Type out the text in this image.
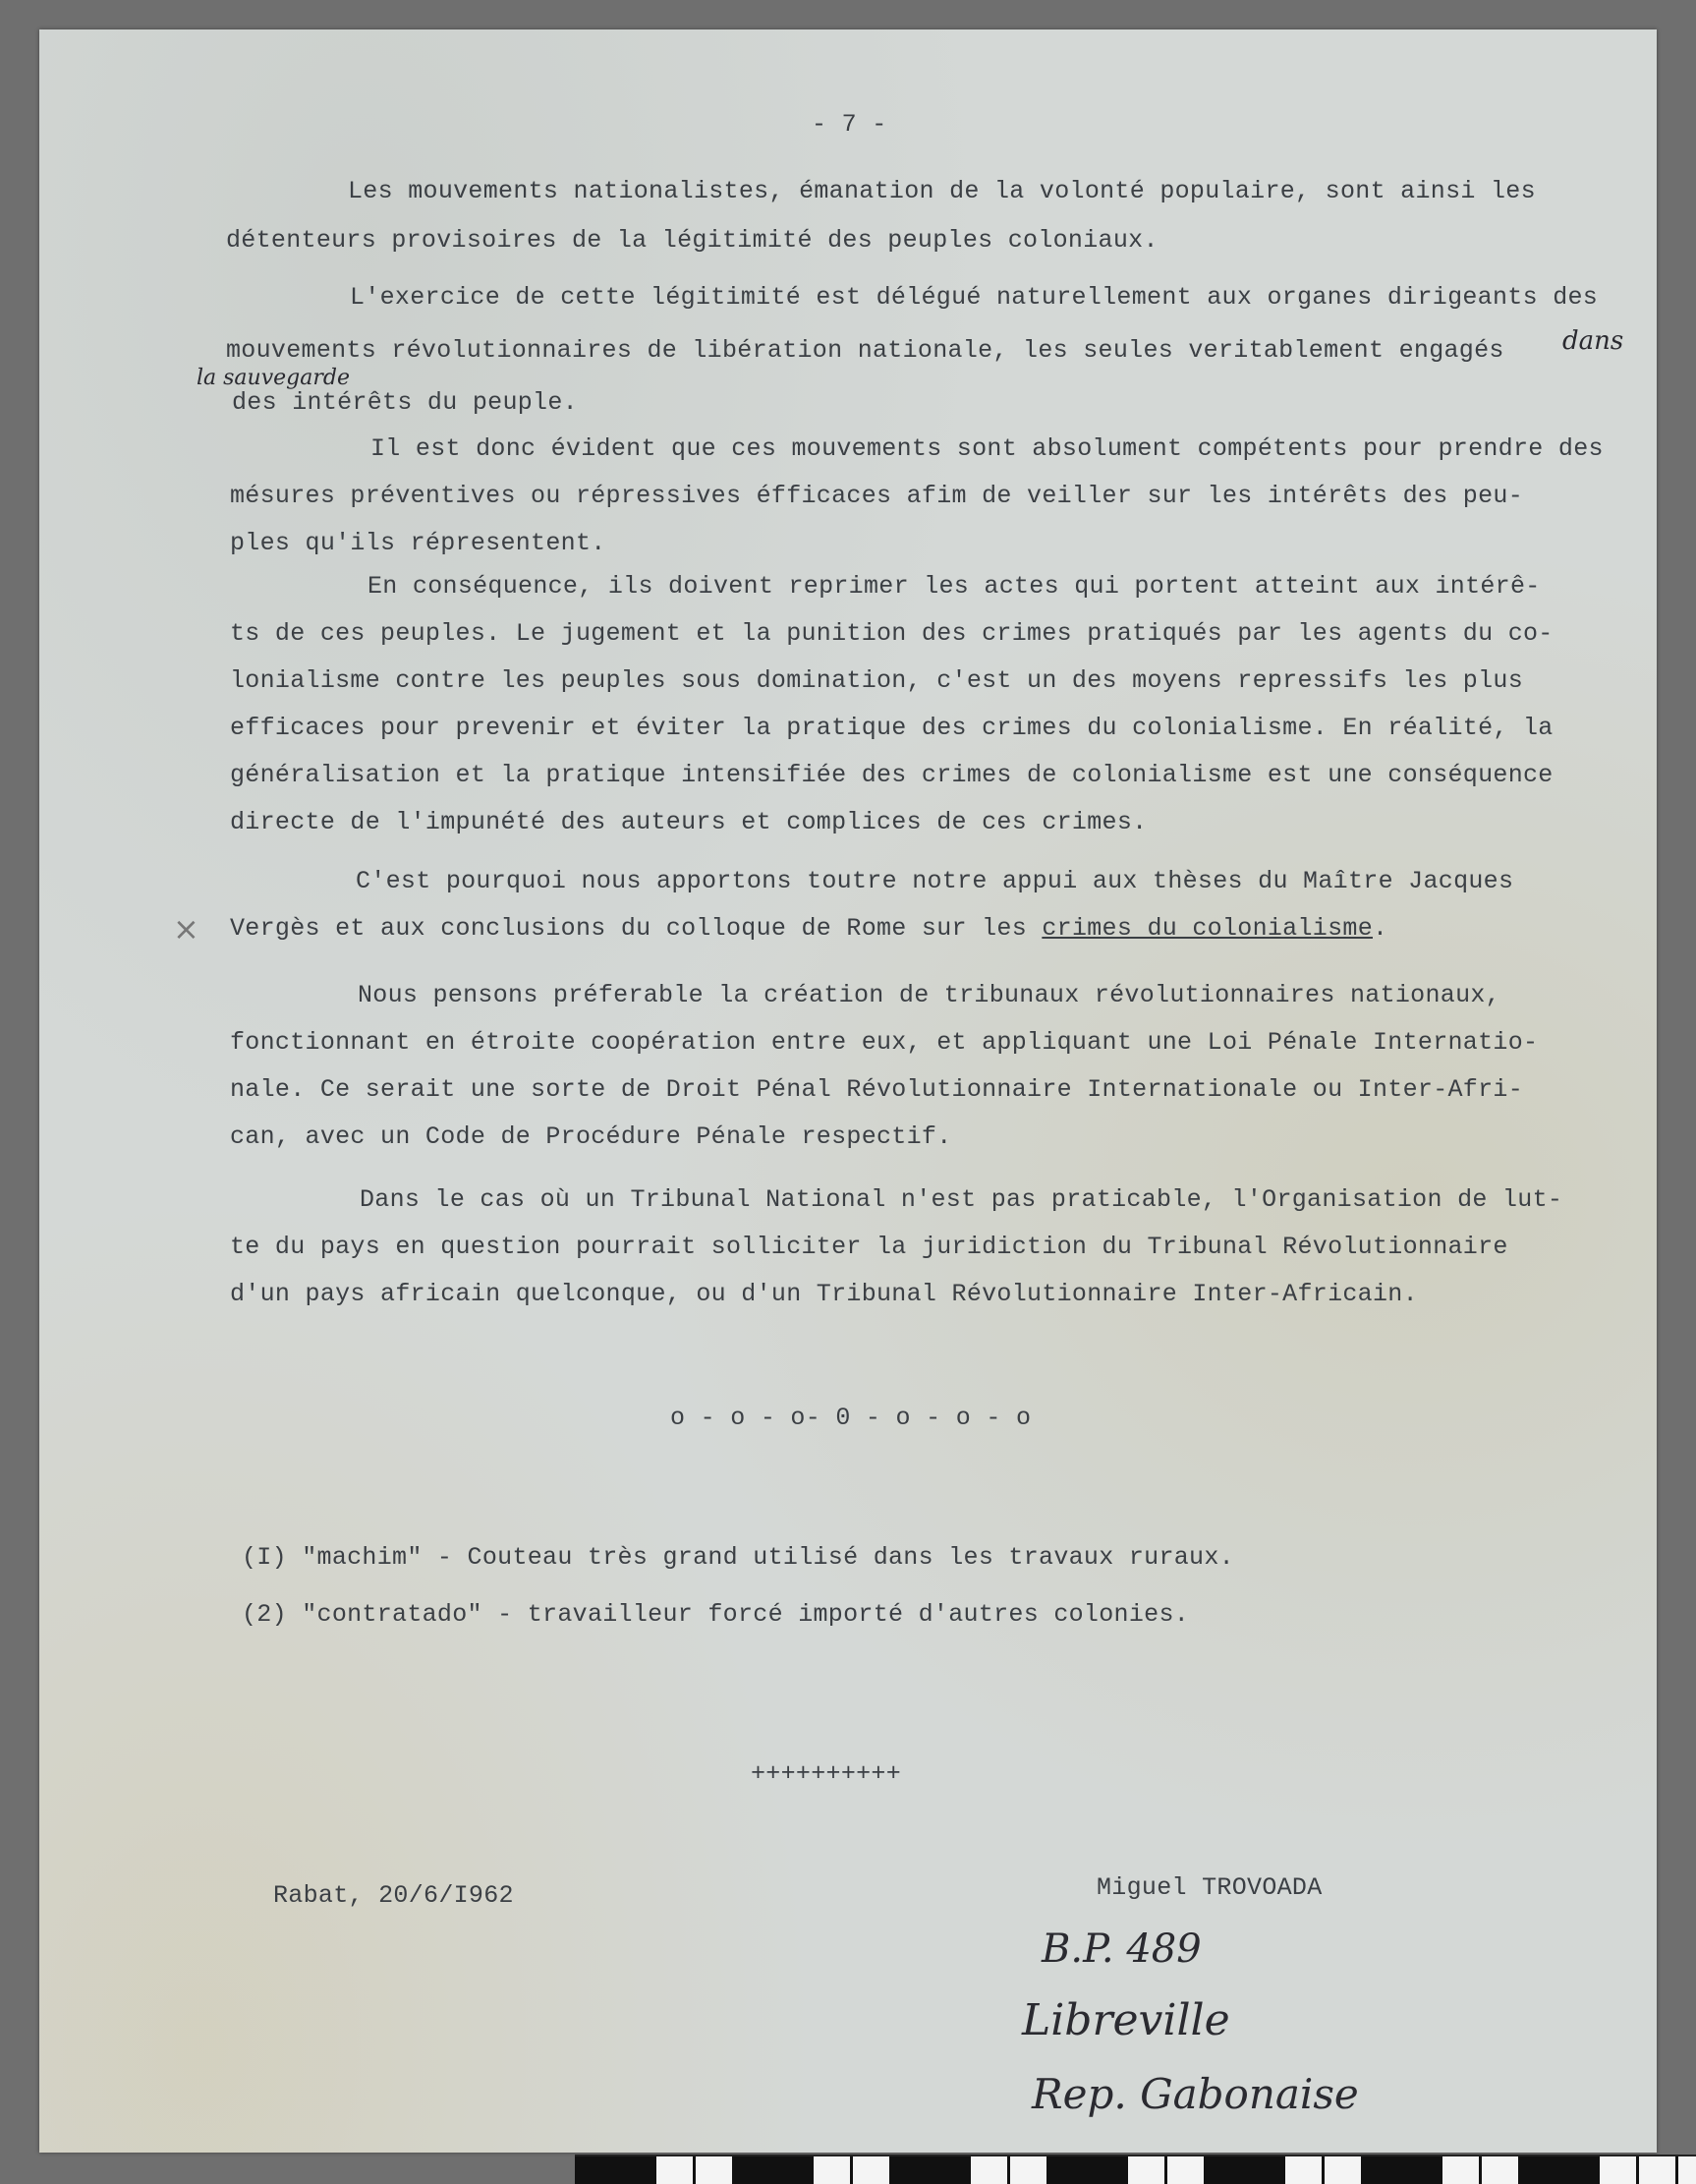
- 7 -
Les mouvements nationalistes, émanation de la volonté populaire, sont ainsi les
détenteurs provisoires de la légitimité des peuples coloniaux.
L'exercice de cette légitimité est délégué naturellement aux organes dirigeants des
mouvements révolutionnaires de libération nationale, les seules veritablement engagés dans
la sauvegarde
des intérêts du peuple.
Il est donc évident que ces mouvements sont absolument compétents pour prendre des
mésures préventives ou répressives éfficaces afim de veiller sur les intérêts des peu-
ples qu'ils répresentent.
En conséquence, ils doivent reprimer les actes qui portent atteint aux intérê-
ts de ces peuples. Le jugement et la punition des crimes pratiqués par les agents du co-
lonialisme contre les peuples sous domination, c'est un des moyens repressifs les plus
efficaces pour prevenir et éviter la pratique des crimes du colonialisme. En réalité, la
généralisation et la pratique intensifiée des crimes de colonialisme est une conséquence
directe de l'impunété des auteurs et complices de ces crimes.
C'est pourquoi nous apportons toutre notre appui aux thèses du Maître Jacques
× Vergès et aux conclusions du colloque de Rome sur les crimes du colonialisme.
Nous pensons préferable la création de tribunaux révolutionnaires nationaux,
fonctionnant en étroite coopération entre eux, et appliquant une Loi Pénale Internatio-
nale. Ce serait une sorte de Droit Pénal Révolutionnaire Internationale ou Inter-Afri-
can, avec un Code de Procédure Pénale respectif.
Dans le cas où un Tribunal National n'est pas praticable, l'Organisation de lut-
te du pays en question pourrait solliciter la juridiction du Tribunal Révolutionnaire
d'un pays africain quelconque, ou d'un Tribunal Révolutionnaire Inter-Africain.
o - o - o- 0 - o - o - o
(I) "machim" - Couteau très grand utilisé dans les travaux ruraux.
(2) "contratado" - travailleur forcé importé d'autres colonies.
++++++++++
Rabat, 20/6/I962	Miguel TROVOADA
B.P. 489
Libreville
Rep. Gabonaise
